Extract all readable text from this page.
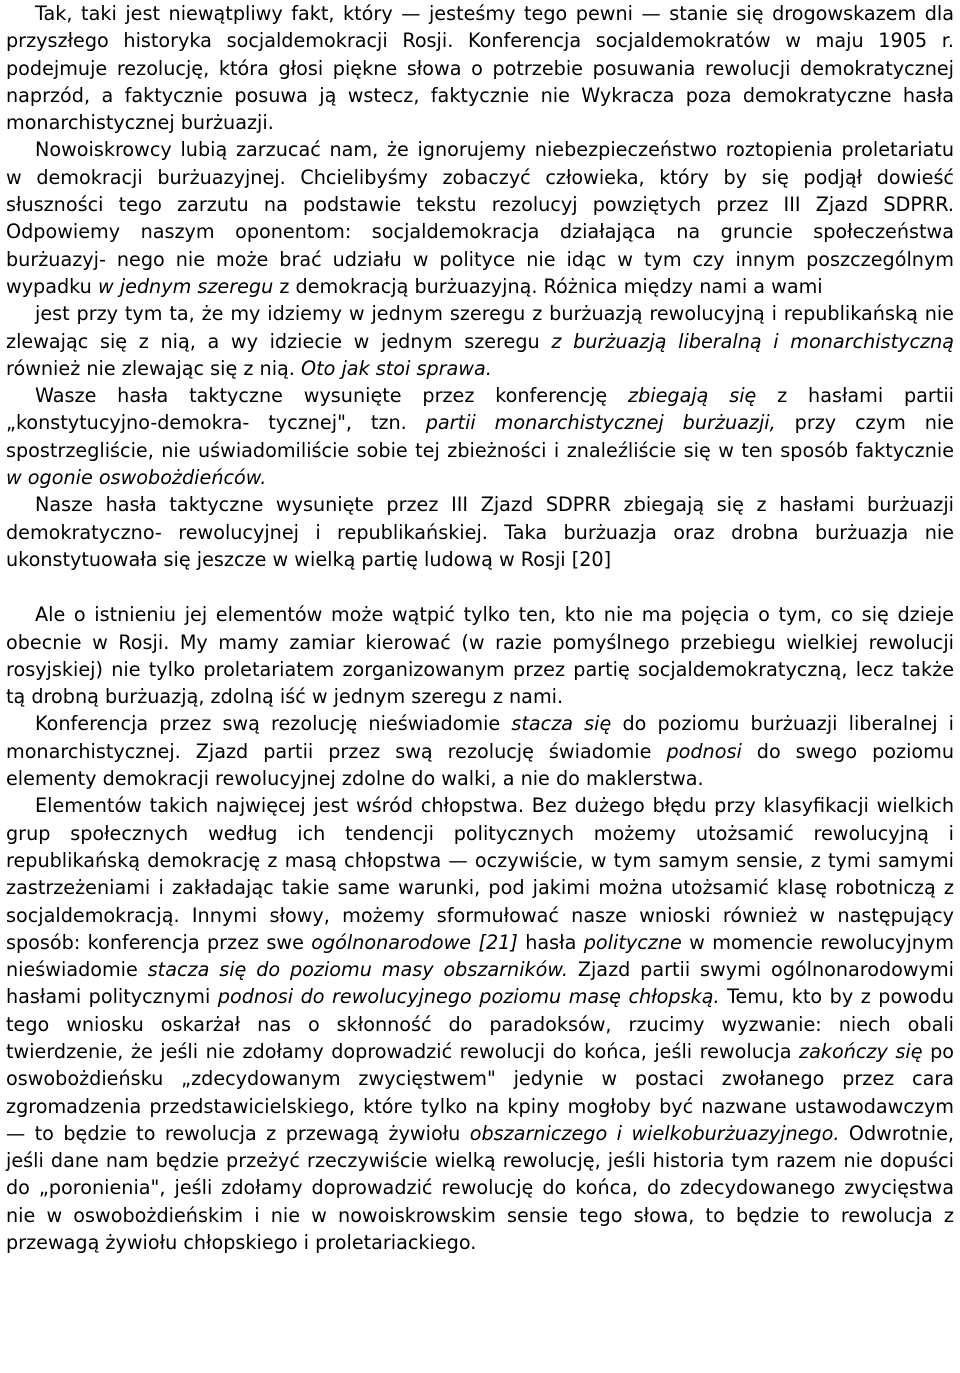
Tak, taki jest niewątpliwy fakt, który — jesteśmy tego pewni — stanie się drogowskazem dla przyszłego historyka socjaldemokracji Rosji. Konferencja socjaldemokratów w maju 1905 r. podejmuje rezolucję, która głosi piękne słowa o potrzebie posuwania rewolucji demokratycznej naprzód, a faktycznie posuwa ją wstecz, faktycznie nie Wykracza poza demokratyczne hasła monarchistycznej burżuazji.

Nowoiskrowcy lubią zarzucać nam, że ignorujemy niebezpieczeństwo roztopienia proletariatu w demokracji burżuazyjnej. Chcielibyśmy zobaczyć człowieka, który by się podjął dowieść słuszności tego zarzutu na podstawie tekstu rezolucyj powziętych przez III Zjazd SDPRR. Odpowiemy naszym oponentom: socjaldemokracja działająca na gruncie społeczeństwa burżuazyj- nego nie może brać udziału w polityce nie idąc w tym czy innym poszczególnym wypadku w jednym szeregu z demokracją burżuazyjną. Różnica między nami a wami

jest przy tym ta, że my idziemy w jednym szeregu z burżuazją rewolucyjną i republikańską nie zlewając się z nią, a wy idziecie w jednym szeregu z burżuazją liberalną i monarchistyczną również nie zlewając się z nią. Oto jak stoi sprawa.

Wasze hasła taktyczne wysunięte przez konferencję zbiegają się z hasłami partii „konstytucyjno-demokra- tycznej", tzn. partii monarchistycznej burżuazji, przy czym nie spostrzegliście, nie uświadomiliście sobie tej zbieżności i znaleźliście się w ten sposób faktycznie w ogonie oswobożdieńców.

Nasze hasła taktyczne wysunięte przez III Zjazd SDPRR zbiegają się z hasłami burżuazji demokratyczno- rewolucyjnej i republikańskiej. Taka burżuazja oraz drobna burżuazja nie ukonstytuowała się jeszcze w wielką partię ludową w Rosji [20]

Ale o istnieniu jej elementów może wątpić tylko ten, kto nie ma pojęcia o tym, co się dzieje obecnie w Rosji. My mamy zamiar kierować (w razie pomyślnego przebiegu wielkiej rewolucji rosyjskiej) nie tylko proletariatem zorganizowanym przez partię socjaldemokratyczną, lecz także tą drobną burżuazją, zdolną iść w jednym szeregu z nami.

Konferencja przez swą rezolucję nieświadomie stacza się do poziomu burżuazji liberalnej i monarchistycznej. Zjazd partii przez swą rezolucję świadomie podnosi do swego poziomu elementy demokracji rewolucyjnej zdolne do walki, a nie do maklerstwa.

Elementów takich najwięcej jest wśród chłopstwa. Bez dużego błędu przy klasyfikacji wielkich grup społecznych według ich tendencji politycznych możemy utożsamić rewolucyjną i republikańską demokrację z masą chłopstwa — oczywiście, w tym samym sensie, z tymi samymi zastrzeżeniami i zakładając takie same warunki, pod jakimi można utożsamić klasę robotniczą z socjaldemokracją. Innymi słowy, możemy sformułować nasze wnioski również w następujący sposób: konferencja przez swe ogólnonarodowe [21] hasła polityczne w momencie rewolucyjnym nieświadomie stacza się do poziomu masy obszarników. Zjazd partii swymi ogólnonarodowymi hasłami politycznymi podnosi do rewolucyjnego poziomu masę chłopską. Temu, kto by z powodu tego wniosku oskarżał nas o skłonność do paradoksów, rzucimy wyzwanie: niech obali twierdzenie, że jeśli nie zdołamy doprowadzić rewolucji do końca, jeśli rewolucja zakończy się po oswobożdieńsku „zdecydowanym zwycięstwem" jedynie w postaci zwołanego przez cara zgromadzenia przedstawicielskiego, które tylko na kpiny mogłoby być nazwane ustawodawczym — to będzie to rewolucja z przewagą żywiołu obszarniczego i wielkoburżuazyjnego. Odwrotnie, jeśli dane nam będzie przeżyć rzeczywiście wielką rewolucję, jeśli historia tym razem nie dopuści do „poronienia", jeśli zdołamy doprowadzić rewolucję do końca, do zdecydowanego zwycięstwa nie w oswobożdieńskim i nie w nowoiskrowskim sensie tego słowa, to będzie to rewolucja z przewagą żywiołu chłopskiego i proletariackiego.
